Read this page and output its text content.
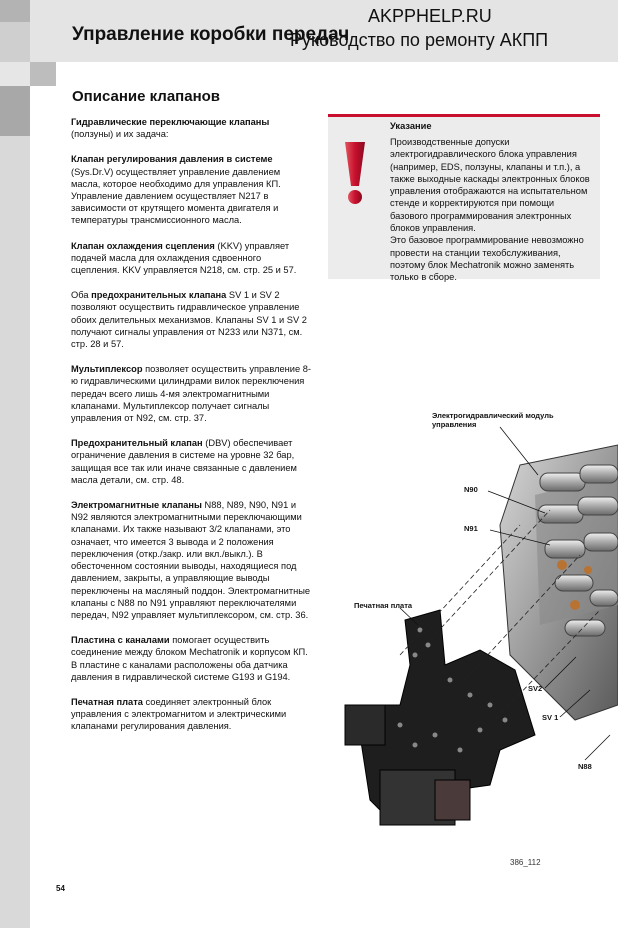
Управление коробки передач
AKPPHELP.RU
Руководство по ремонту АКПП
Описание клапанов

Гидравлические переключающие клапаны (ползуны) и их задача:

Клапан регулирования давления в системе (Sys.Dr.V) осуществляет управление давлением масла, которое необходимо для управления КП. Управление давлением осуществляет N217 в зависимости от крутящего момента двигателя и температуры трансмиссионного масла.

Клапан охлаждения сцепления (KKV) управляет подачей масла для охлаждения сдвоенного сцепления. KKV управляется N218, см. стр. 25 и 57.

Оба предохранительных клапана SV 1 и SV 2 позволяют осуществить гидравлическое управление обоих делительных механизмов. Клапаны SV 1 и SV 2 получают сигналы управления от N233 или N371, см. стр. 28 и 57.

Мультиплексор позволяет осуществить управление 8-ю гидравлическими цилиндрами вилок переключения передач всего лишь 4-мя электромагнитными клапанами. Мультиплексор получает сигналы управления от N92, см. стр. 37.

Предохранительный клапан (DBV) обеспечивает ограничение давления в системе на уровне 32 бар, защищая все так или иначе связанные с давлением масла детали, см. стр. 48.

Электромагнитные клапаны N88, N89, N90, N91 и N92 являются электромагнитными переключающими клапанами. Их также называют 3/2 клапанами, это означает, что имеется 3 вывода и 2 положения переключения (откр./закр. или вкл./выкл.). В обесточенном состоянии выводы, находящиеся под давлением, закрыты, а управляющие выводы переключены на масляный поддон. Электромагнитные клапаны с N88 по N91 управляют переключателями передач, N92 управляет мультиплексором, см. стр. 36.

Пластина с каналами помогает осуществить соединение между блоком Mechatronik и корпусом КП. В пластине с каналами расположены оба датчика давления в гидравлической системе G193 и G194.

Печатная плата соединяет электронный блок управления с электромагнитом и электрическими клапанами регулирования давления.

Указание
Производственные допуски электрогидравлического блока управления (например, EDS, ползуны, клапаны и т.п.), а также выходные каскады электронных блоков управления отображаются на испытательном стенде и корректируются при помощи базового программирования электронных блоков управления.
Это базовое программирование невозможно провести на станции техобслуживания, поэтому блок Mechatronik можно заменять только в сборе.
Электрогидравлический модуль управления
N90
N91
Печатная плата
SV2
SV 1
N88
386_112
54
